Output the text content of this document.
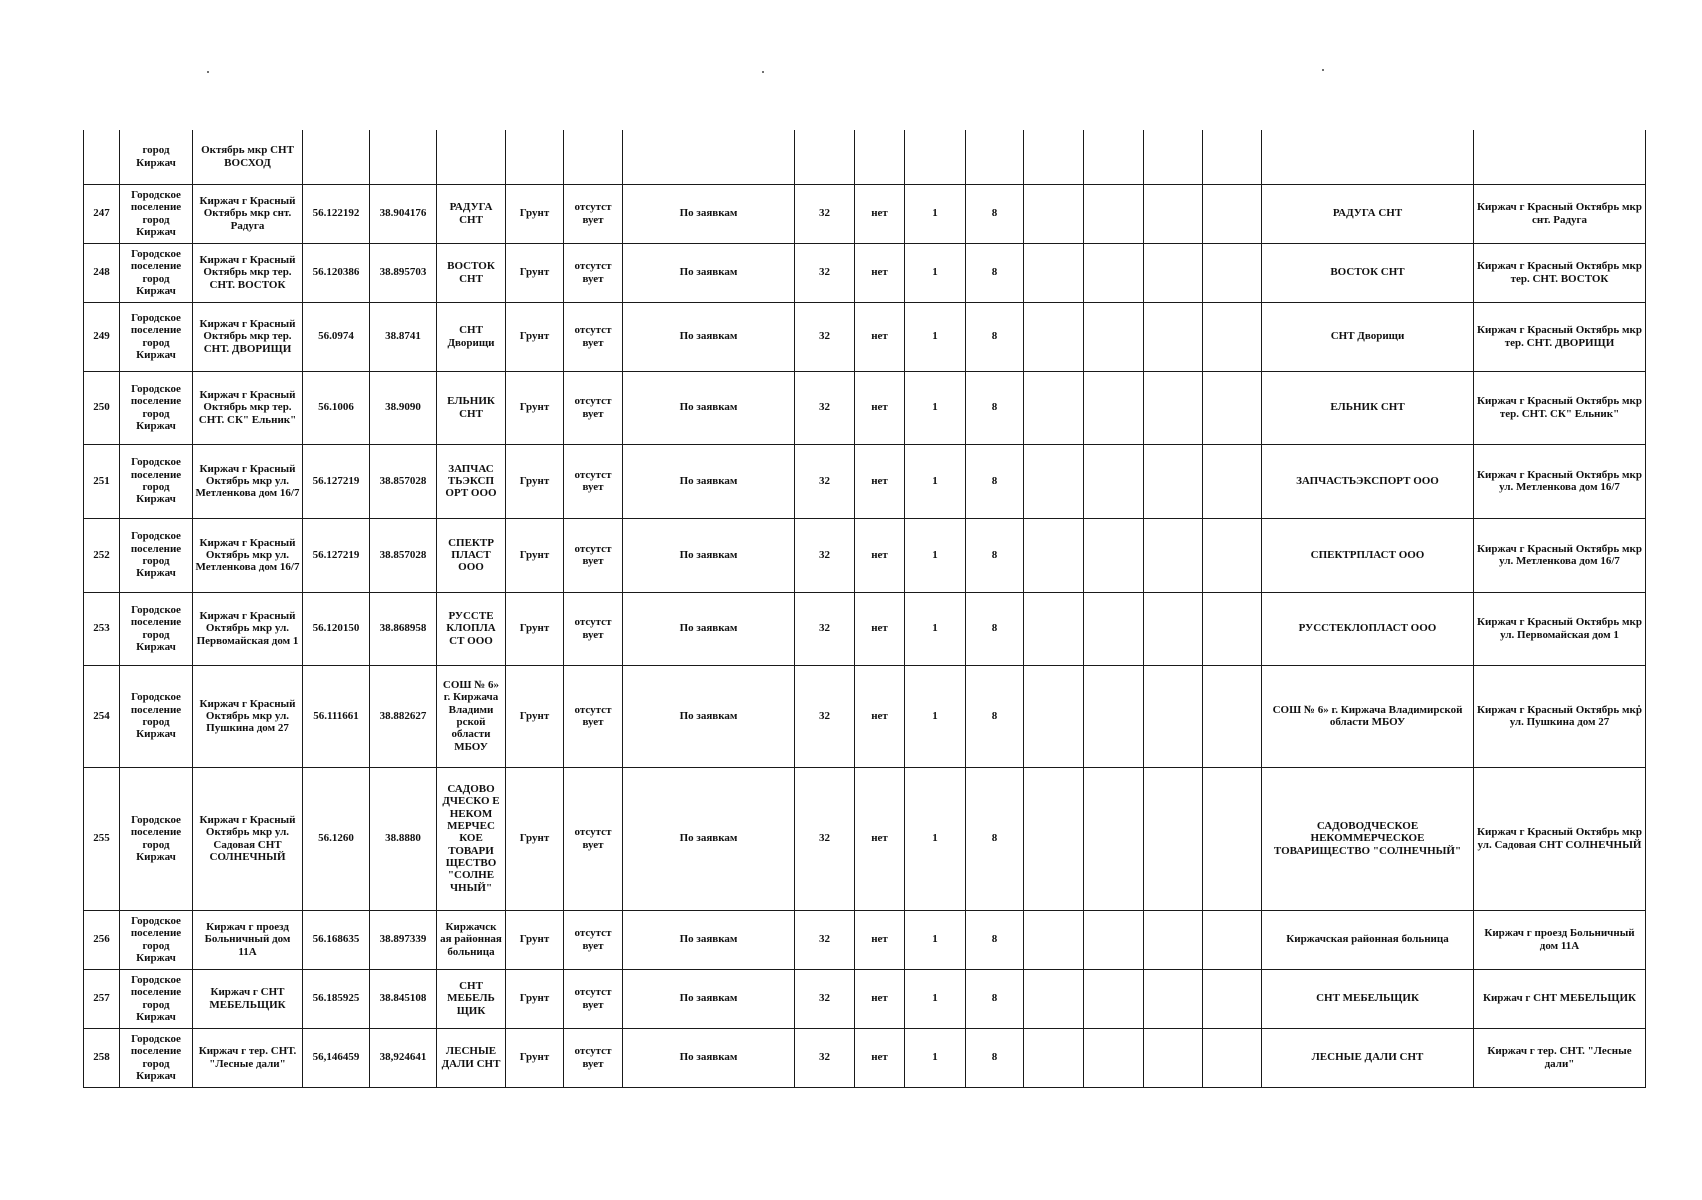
	город Киржач	Октябрь мкр СНТ ВОСХОД																
247	Городское поселение город Киржач	Киржач г Красный Октябрь мкр снт. Радуга	56.122192	38.904176	РАДУГА СНТ	Грунт	отсутст вует	По заявкам	32	нет	1	8					РАДУГА СНТ	Киржач г Красный Октябрь мкр снт. Радуга
248	Городское поселение город Киржач	Киржач г Красный Октябрь мкр тер. СНТ. ВОСТОК	56.120386	38.895703	ВОСТОК СНТ	Грунт	отсутст вует	По заявкам	32	нет	1	8					ВОСТОК СНТ	Киржач г Красный Октябрь мкр тер. СНТ. ВОСТОК
249	Городское поселение город Киржач	Киржач г Красный Октябрь мкр тер. СНТ. ДВОРИЩИ	56.0974	38.8741	СНТ Дворищи	Грунт	отсутст вует	По заявкам	32	нет	1	8					СНТ Дворищи	Киржач г Красный Октябрь мкр тер. СНТ. ДВОРИЩИ
250	Городское поселение город Киржач	Киржач г Красный Октябрь мкр тер. СНТ. СК" Ельник"	56.1006	38.9090	ЕЛЬНИК СНТ	Грунт	отсутст вует	По заявкам	32	нет	1	8					ЕЛЬНИК СНТ	Киржач г Красный Октябрь мкр тер. СНТ. СК" Ельник"
251	Городское поселение город Киржач	Киржач г Красный Октябрь мкр ул. Метленкова дом 16/7	56.127219	38.857028	ЗАПЧАС ТЬЭКСП ОРТ ООО	Грунт	отсутст вует	По заявкам	32	нет	1	8					ЗАПЧАСТЬЭКСПОРТ ООО	Киржач г Красный Октябрь мкр ул. Метленкова дом 16/7
252	Городское поселение город Киржач	Киржач г Красный Октябрь мкр ул. Метленкова дом 16/7	56.127219	38.857028	СПЕКТР ПЛАСТ ООО	Грунт	отсутст вует	По заявкам	32	нет	1	8					СПЕКТРПЛАСТ ООО	Киржач г Красный Октябрь мкр ул. Метленкова дом 16/7
253	Городское поселение город Киржач	Киржач г Красный Октябрь мкр ул. Первомайская дом 1	56.120150	38.868958	РУССТЕ КЛОПЛА СТ ООО	Грунт	отсутст вует	По заявкам	32	нет	1	8					РУССТЕКЛОПЛАСТ ООО	Киржач г Красный Октябрь мкр ул. Первомайская дом 1
254	Городское поселение город Киржач	Киржач г Красный Октябрь мкр ул. Пушкина дом 27	56.111661	38.882627	СОШ № 6» г. Киржача Владими рской области МБОУ	Грунт	отсутст вует	По заявкам	32	нет	1	8					СОШ № 6» г. Киржача Владимирской области МБОУ	Киржач г Красный Октябрь мкр ул. Пушкина дом 27
255	Городское поселение город Киржач	Киржач г Красный Октябрь мкр ул. Садовая СНТ СОЛНЕЧНЫЙ	56.1260	38.8880	САДОВО ДЧЕСКО Е НЕКОМ МЕРЧЕС КОЕ ТОВАРИ ЩЕСТВО "СОЛНЕ ЧНЫЙ"	Грунт	отсутст вует	По заявкам	32	нет	1	8					САДОВОДЧЕСКОЕ НЕКОММЕРЧЕСКОЕ ТОВАРИЩЕСТВО "СОЛНЕЧНЫЙ"	Киржач г Красный Октябрь мкр ул. Садовая СНТ СОЛНЕЧНЫЙ
256	Городское поселение город Киржач	Киржач г проезд Больничный дом 11А	56.168635	38.897339	Киржачск ая районная больница	Грунт	отсутст вует	По заявкам	32	нет	1	8					Киржачская районная больница	Киржач г проезд Больничный дом 11А
257	Городское поселение город Киржач	Киржач г СНТ МЕБЕЛЬЩИК	56.185925	38.845108	СНТ МЕБЕЛЬ ЩИК	Грунт	отсутст вует	По заявкам	32	нет	1	8					СНТ МЕБЕЛЬЩИК	Киржач г СНТ МЕБЕЛЬЩИК
258	Городское поселение город Киржач	Киржач г тер. СНТ. "Лесные дали"	56,146459	38,924641	ЛЕСНЫЕ ДАЛИ СНТ	Грунт	отсутст вует	По заявкам	32	нет	1	8					ЛЕСНЫЕ ДАЛИ СНТ	Киржач г тер. СНТ. "Лесные дали"
